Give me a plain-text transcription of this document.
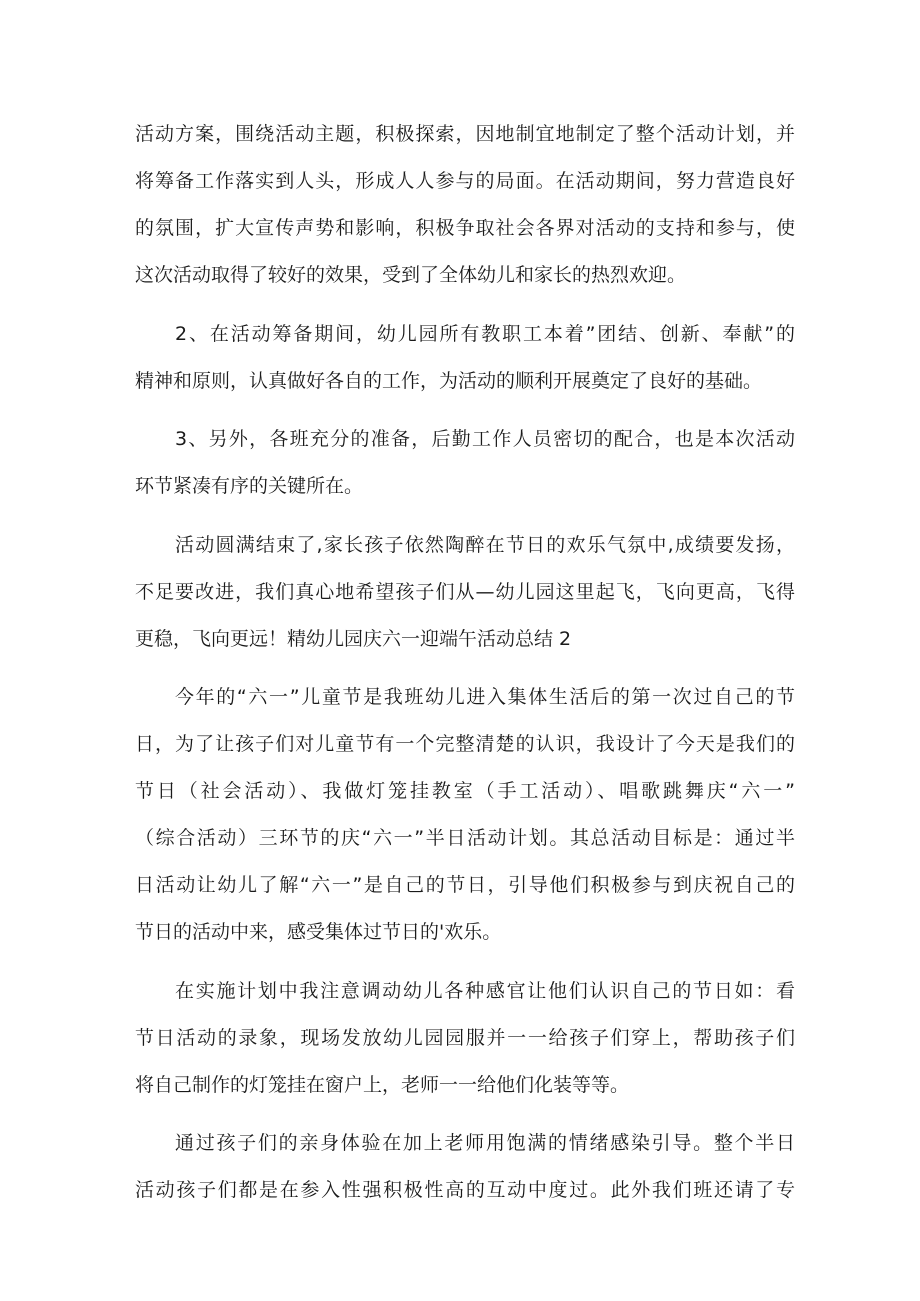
活动方案，围绕活动主题，积极探索，因地制宜地制定了整个活动计划，并
将筹备工作落实到人头，形成人人参与的局面。在活动期间，努力营造良好
的氛围，扩大宣传声势和影响，积极争取社会各界对活动的支持和参与，使
这次活动取得了较好的效果，受到了全体幼儿和家长的热烈欢迎。
2、在活动筹备期间，幼儿园所有教职工本着”团结、创新、奉献”的
精神和原则，认真做好各自的工作，为活动的顺利开展奠定了良好的基础。
3、另外，各班充分的准备，后勤工作人员密切的配合，也是本次活动
环节紧凑有序的关键所在。
活动圆满结束了,家长孩子依然陶醉在节日的欢乐气氛中,成绩要发扬，
不足要改进，我们真心地希望孩子们从—幼儿园这里起飞，飞向更高，飞得
更稳，飞向更远！精幼儿园庆六一迎端午活动总结 2
今年的“六一”儿童节是我班幼儿进入集体生活后的第一次过自己的节
日，为了让孩子们对儿童节有一个完整清楚的认识，我设计了今天是我们的
节日（社会活动）、我做灯笼挂教室（手工活动）、唱歌跳舞庆“六一”
（综合活动）三环节的庆“六一”半日活动计划。其总活动目标是：通过半
日活动让幼儿了解“六一”是自己的节日，引导他们积极参与到庆祝自己的
节日的活动中来，感受集体过节日的'欢乐。
在实施计划中我注意调动幼儿各种感官让他们认识自己的节日如：看
节日活动的录象，现场发放幼儿园园服并一一给孩子们穿上，帮助孩子们
将自己制作的灯笼挂在窗户上，老师一一给他们化装等等。
通过孩子们的亲身体验在加上老师用饱满的情绪感染引导。整个半日
活动孩子们都是在参入性强积极性高的互动中度过。此外我们班还请了专
